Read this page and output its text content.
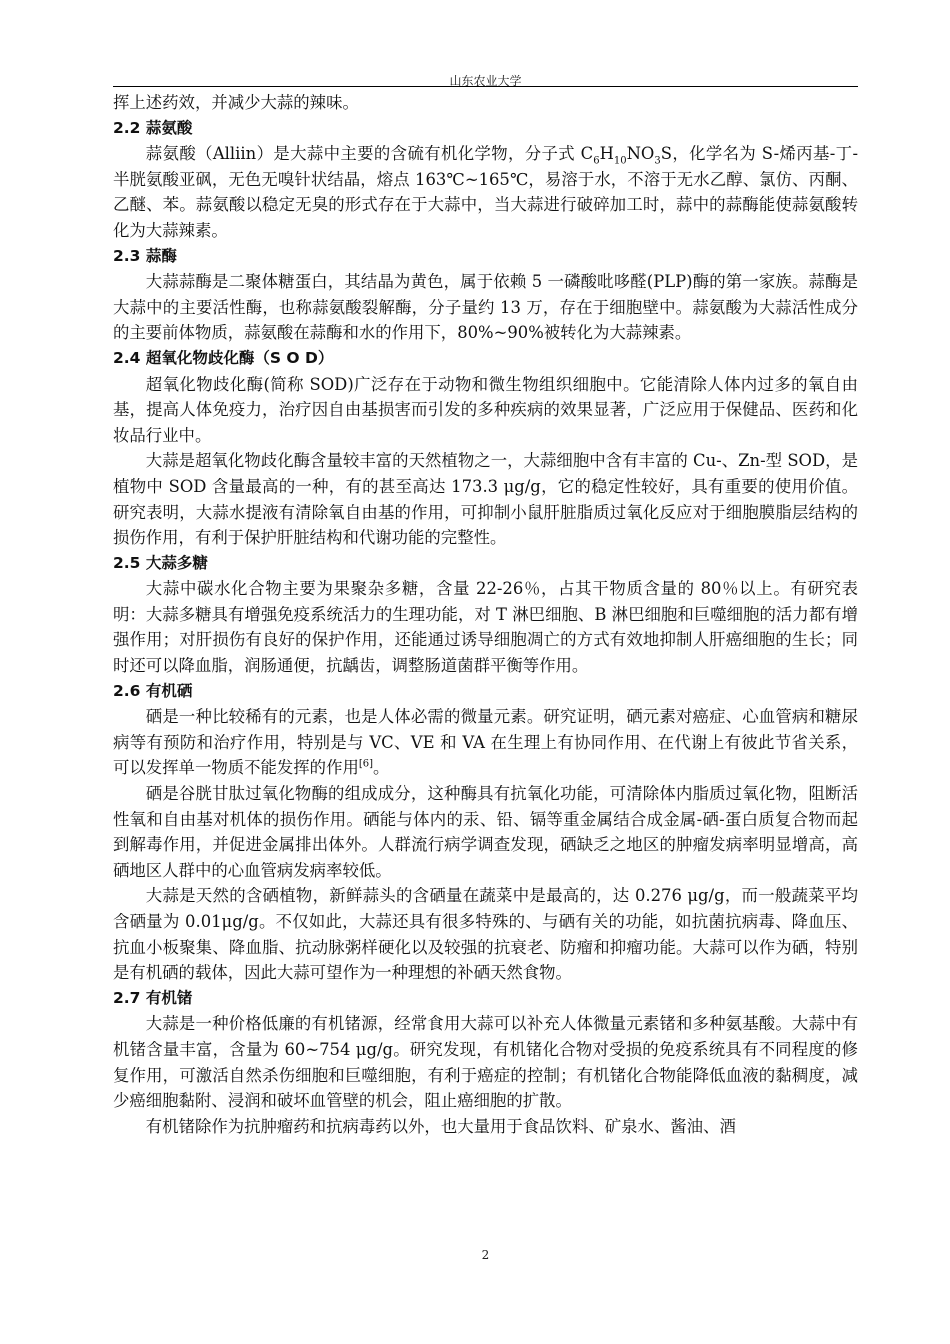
山东农业大学

挥上述药效，并减少大蒜的辣味。

2.2 蒜氨酸

蒜氨酸（Alliin）是大蒜中主要的含硫有机化学物，分子式 $C_6H_{10}NO_3S$，化学名为 S-烯丙基-丁-半胱氨酸亚砜，无色无嗅针状结晶，熔点 163℃~165℃，易溶于水，不溶于无水乙醇、氯仿、丙酮、乙醚、苯。蒜氨酸以稳定无臭的形式存在于大蒜中，当大蒜进行破碎加工时，蒜中的蒜酶能使蒜氨酸转化为大蒜辣素。

2.3 蒜酶

大蒜蒜酶是二聚体糖蛋白，其结晶为黄色，属于依赖 5 一磷酸吡哆醛(PLP)酶的第一家族。蒜酶是大蒜中的主要活性酶，也称蒜氨酸裂解酶，分子量约 13 万，存在于细胞壁中。蒜氨酸为大蒜活性成分的主要前体物质，蒜氨酸在蒜酶和水的作用下，80%~90%被转化为大蒜辣素。

2.4 超氧化物歧化酶（S O D）

超氧化物歧化酶(简称 SOD)广泛存在于动物和微生物组织细胞中。它能清除人体内过多的氧自由基，提高人体免疫力，治疗因自由基损害而引发的多种疾病的效果显著，广泛应用于保健品、医药和化妆品行业中。

大蒜是超氧化物歧化酶含量较丰富的天然植物之一，大蒜细胞中含有丰富的 Cu-、Zn-型 SOD，是植物中 SOD 含量最高的一种，有的甚至高达 173.3 μg/g，它的稳定性较好，具有重要的使用价值。研究表明，大蒜水提液有清除氧自由基的作用，可抑制小鼠肝脏脂质过氧化反应对于细胞膜脂层结构的损伤作用，有利于保护肝脏结构和代谢功能的完整性。

2.5 大蒜多糖

大蒜中碳水化合物主要为果聚杂多糖，含量 22-26％，占其干物质含量的 80％以上。有研究表明：大蒜多糖具有增强免疫系统活力的生理功能，对 T 淋巴细胞、B 淋巴细胞和巨噬细胞的活力都有增强作用；对肝损伤有良好的保护作用，还能通过诱导细胞凋亡的方式有效地抑制人肝癌细胞的生长；同时还可以降血脂，润肠通便，抗龋齿，调整肠道菌群平衡等作用。

2.6 有机硒

硒是一种比较稀有的元素，也是人体必需的微量元素。研究证明，硒元素对癌症、心血管病和糖尿病等有预防和治疗作用，特别是与 VC、VE 和 VA 在生理上有协同作用、在代谢上有彼此节省关系，可以发挥单一物质不能发挥的作用[6]。

硒是谷胱甘肽过氧化物酶的组成成分，这种酶具有抗氧化功能，可清除体内脂质过氧化物，阻断活性氧和自由基对机体的损伤作用。硒能与体内的汞、铅、镉等重金属结合成金属-硒-蛋白质复合物而起到解毒作用，并促进金属排出体外。人群流行病学调查发现，硒缺乏之地区的肿瘤发病率明显增高，高硒地区人群中的心血管病发病率较低。

大蒜是天然的含硒植物，新鲜蒜头的含硒量在蔬菜中是最高的，达 0.276 μg/g，而一般蔬菜平均含硒量为 0.01μg/g。不仅如此，大蒜还具有很多特殊的、与硒有关的功能，如抗菌抗病毒、降血压、抗血小板聚集、降血脂、抗动脉粥样硬化以及较强的抗衰老、防瘤和抑瘤功能。大蒜可以作为硒，特别是有机硒的载体，因此大蒜可望作为一种理想的补硒天然食物。

2.7 有机锗

大蒜是一种价格低廉的有机锗源，经常食用大蒜可以补充人体微量元素锗和多种氨基酸。大蒜中有机锗含量丰富，含量为 60~754 μg/g。研究发现，有机锗化合物对受损的免疫系统具有不同程度的修复作用，可激活自然杀伤细胞和巨噬细胞，有利于癌症的控制；有机锗化合物能降低血液的黏稠度，减少癌细胞黏附、浸润和破坏血管壁的机会，阻止癌细胞的扩散。

有机锗除作为抗肿瘤药和抗病毒药以外，也大量用于食品饮料、矿泉水、酱油、酒

2
